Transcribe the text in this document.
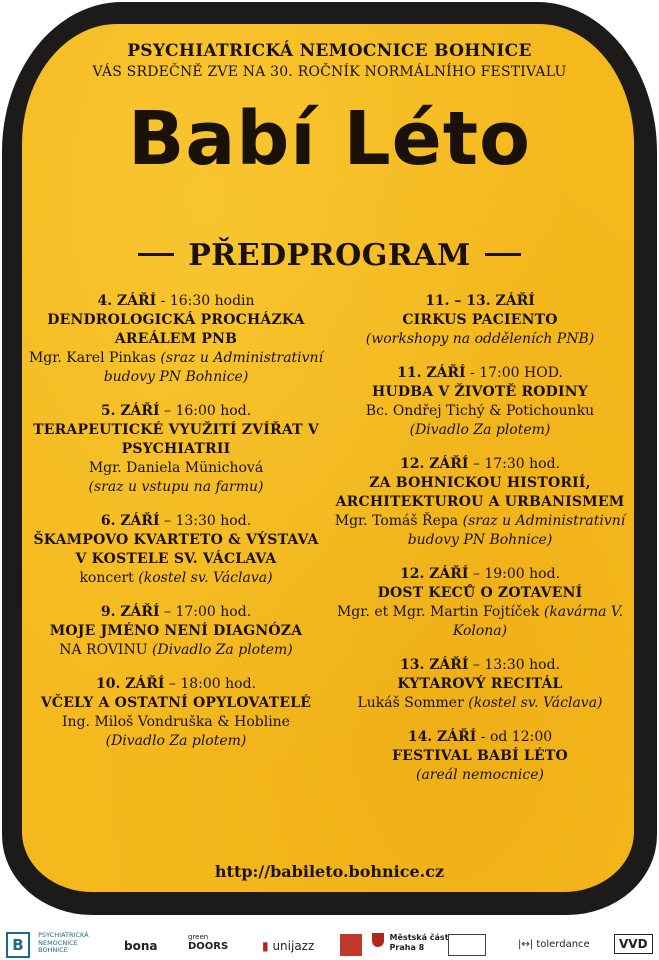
PSYCHIATRICKÁ NEMOCNICE BOHNICE
VÁS SRDEČNĚ ZVE NA 30. ROČNÍK NORMÁLNÍHO FESTIVALU
Babí Léto
PŘEDPROGRAM
4. ZÁŘÍ - 16:30 hodin
DENDROLOGICKÁ PROCHÁZKA AREÁLEM PNB
Mgr. Karel Pinkas (sraz u Administrativní budovy PN Bohnice)
5. ZÁŘÍ – 16:00 hod.
TERAPEUTICKÉ VYUŽITÍ ZVÍŘAT V PSYCHIATRII
Mgr. Daniela Münichová
(sraz u vstupu na farmu)
6. ZÁŘÍ – 13:30 hod.
ŠKAMPOVO KVARTETO & VÝSTAVA V KOSTELE SV. VÁCLAVA
koncert (kostel sv. Václava)
9. ZÁŘÍ – 17:00 hod.
MOJE JMÉNO NENÍ DIAGNÓZA
NA ROVINU (Divadlo Za plotem)
10. ZÁŘÍ – 18:00 hod.
VČELY A OSTATNÍ OPYLOVATELÉ
Ing. Miloš Vondruška & Hobline
(Divadlo Za plotem)
11. – 13. ZÁŘÍ
CIRKUS PACIENTO
(workshopy na odděleních PNB)
11. ZÁŘÍ - 17:00 HOD.
HUDBA V ŽIVOTĚ RODINY
Bc. Ondřej Tichý & Potichounku
(Divadlo Za plotem)
12. ZÁŘÍ – 17:30 hod.
ZA BOHNICKOU HISTORIÍ, ARCHITEKTUROU A URBANISMEM
Mgr. Tomáš Řepa (sraz u Administrativní budovy PN Bohnice)
12. ZÁŘÍ – 19:00 hod.
DOST KECŮ O ZOTAVENÍ
Mgr. et Mgr. Martin Fojtíček (kavárna V. Kolona)
13. ZÁŘÍ – 13:30 hod.
KYTAROVÝ RECITÁL
Lukáš Sommer (kostel sv. Václava)
14. ZÁŘÍ - od 12:00
FESTIVAL BABÍ LÉTO
(areál nemocnice)
http://babileto.bohnice.cz
B
PSYCHIATRICKÁ
NEMOCNICE
BOHNICE	bona
green
DOORS	▮ unijazz

Městská část
Praha 8	|↔| tolerdance	VVD
